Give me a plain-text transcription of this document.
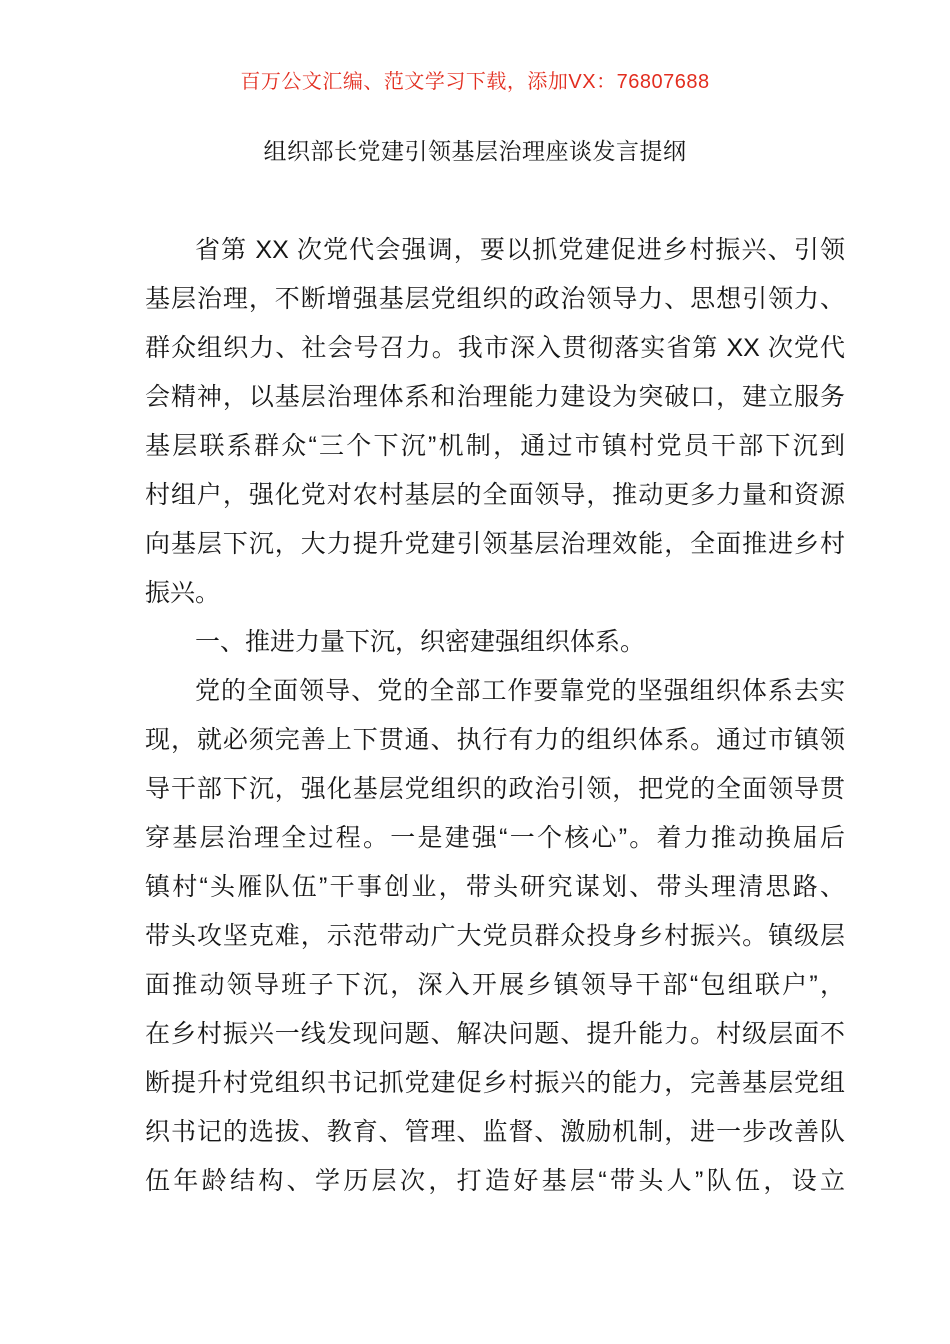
百万公文汇编、范文学习下载，添加VX：76807688
组织部长党建引领基层治理座谈发言提纲
省第 XX 次党代会强调，要以抓党建促进乡村振兴、引领
基层治理，不断增强基层党组织的政治领导力、思想引领力、
群众组织力、社会号召力。我市深入贯彻落实省第 XX 次党代
会精神，以基层治理体系和治理能力建设为突破口，建立服务
基层联系群众“三个下沉”机制，通过市镇村党员干部下沉到
村组户，强化党对农村基层的全面领导，推动更多力量和资源
向基层下沉，大力提升党建引领基层治理效能，全面推进乡村
振兴。
一、推进力量下沉，织密建强组织体系。
党的全面领导、党的全部工作要靠党的坚强组织体系去实
现，就必须完善上下贯通、执行有力的组织体系。通过市镇领
导干部下沉，强化基层党组织的政治引领，把党的全面领导贯
穿基层治理全过程。一是建强“一个核心”。着力推动换届后
镇村“头雁队伍”干事创业，带头研究谋划、带头理清思路、
带头攻坚克难，示范带动广大党员群众投身乡村振兴。镇级层
面推动领导班子下沉，深入开展乡镇领导干部“包组联户”，
在乡村振兴一线发现问题、解决问题、提升能力。村级层面不
断提升村党组织书记抓党建促乡村振兴的能力，完善基层党组
织书记的选拔、教育、管理、监督、激励机制，进一步改善队
伍年龄结构、学历层次，打造好基层“带头人”队伍，设立
